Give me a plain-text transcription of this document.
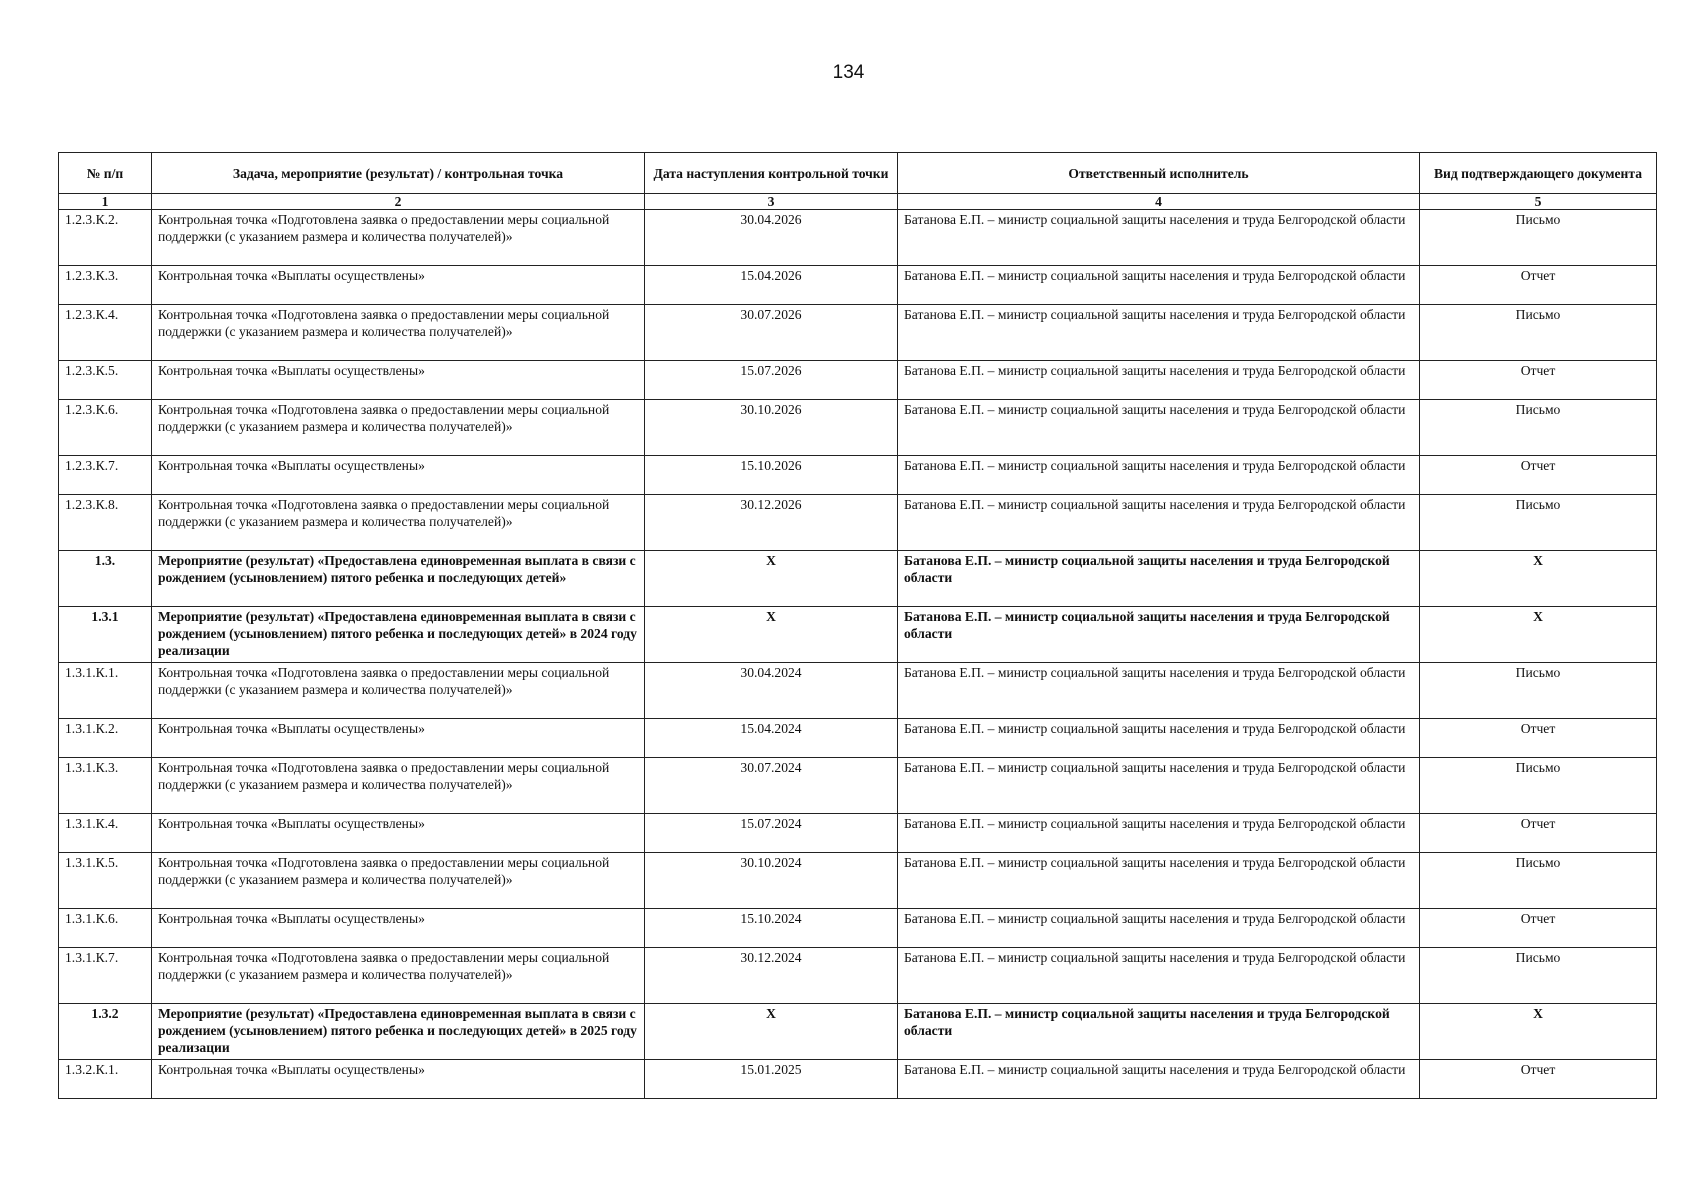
134
№ п/п	Задача, мероприятие (результат) / контрольная точка	Дата наступления контрольной точки	Ответственный исполнитель	Вид подтверждающего документа
1	2	3	4	5
1.2.3.К.2.	Контрольная точка «Подготовлена заявка о предоставлении меры социальной поддержки (с указанием размера и количества получателей)»	30.04.2026	Батанова Е.П. – министр социальной защиты населения и труда Белгородской области	Письмо
1.2.3.К.3.	Контрольная точка «Выплаты осуществлены»	15.04.2026	Батанова Е.П. – министр социальной защиты населения и труда Белгородской области	Отчет
1.2.3.К.4.	Контрольная точка «Подготовлена заявка о предоставлении меры социальной поддержки (с указанием размера и количества получателей)»	30.07.2026	Батанова Е.П. – министр социальной защиты населения и труда Белгородской области	Письмо
1.2.3.К.5.	Контрольная точка «Выплаты осуществлены»	15.07.2026	Батанова Е.П. – министр социальной защиты населения и труда Белгородской области	Отчет
1.2.3.К.6.	Контрольная точка «Подготовлена заявка о предоставлении меры социальной поддержки (с указанием размера и количества получателей)»	30.10.2026	Батанова Е.П. – министр социальной защиты населения и труда Белгородской области	Письмо
1.2.3.К.7.	Контрольная точка «Выплаты осуществлены»	15.10.2026	Батанова Е.П. – министр социальной защиты населения и труда Белгородской области	Отчет
1.2.3.К.8.	Контрольная точка «Подготовлена заявка о предоставлении меры социальной поддержки (с указанием размера и количества получателей)»	30.12.2026	Батанова Е.П. – министр социальной защиты населения и труда Белгородской области	Письмо
1.3.	Мероприятие (результат) «Предоставлена единовременная выплата в связи с рождением (усыновлением) пятого ребенка и последующих детей»	Х	Батанова Е.П. – министр социальной защиты населения и труда Белгородской области	Х
1.3.1	Мероприятие (результат) «Предоставлена единовременная выплата в связи с рождением (усыновлением) пятого ребенка и последующих детей» в 2024 году реализации	Х	Батанова Е.П. – министр социальной защиты населения и труда Белгородской области	Х
1.3.1.К.1.	Контрольная точка «Подготовлена заявка о предоставлении меры социальной поддержки (с указанием размера и количества получателей)»	30.04.2024	Батанова Е.П. – министр социальной защиты населения и труда Белгородской области	Письмо
1.3.1.К.2.	Контрольная точка «Выплаты осуществлены»	15.04.2024	Батанова Е.П. – министр социальной защиты населения и труда Белгородской области	Отчет
1.3.1.К.3.	Контрольная точка «Подготовлена заявка о предоставлении меры социальной поддержки (с указанием размера и количества получателей)»	30.07.2024	Батанова Е.П. – министр социальной защиты населения и труда Белгородской области	Письмо
1.3.1.К.4.	Контрольная точка «Выплаты осуществлены»	15.07.2024	Батанова Е.П. – министр социальной защиты населения и труда Белгородской области	Отчет
1.3.1.К.5.	Контрольная точка «Подготовлена заявка о предоставлении меры социальной поддержки (с указанием размера и количества получателей)»	30.10.2024	Батанова Е.П. – министр социальной защиты населения и труда Белгородской области	Письмо
1.3.1.К.6.	Контрольная точка «Выплаты осуществлены»	15.10.2024	Батанова Е.П. – министр социальной защиты населения и труда Белгородской области	Отчет
1.3.1.К.7.	Контрольная точка «Подготовлена заявка о предоставлении меры социальной поддержки (с указанием размера и количества получателей)»	30.12.2024	Батанова Е.П. – министр социальной защиты населения и труда Белгородской области	Письмо
1.3.2	Мероприятие (результат) «Предоставлена единовременная выплата в связи с рождением (усыновлением) пятого ребенка и последующих детей» в 2025 году реализации	Х	Батанова Е.П. – министр социальной защиты населения и труда Белгородской области	Х
1.3.2.К.1.	Контрольная точка «Выплаты осуществлены»	15.01.2025	Батанова Е.П. – министр социальной защиты населения и труда Белгородской области	Отчет
